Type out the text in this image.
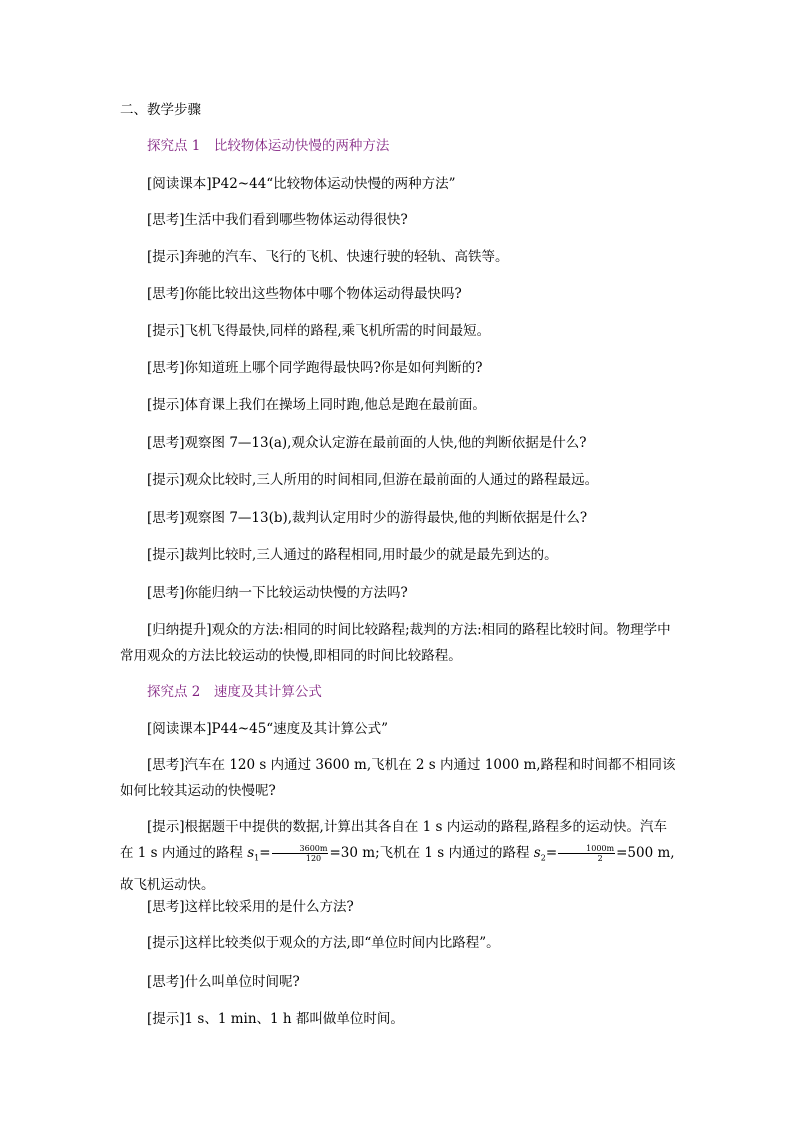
二、教学步骤
探究点 1　比较物体运动快慢的两种方法
[阅读课本]P42~44“比较物体运动快慢的两种方法”
[思考]生活中我们看到哪些物体运动得很快?
[提示]奔驰的汽车、飞行的飞机、快速行驶的轻轨、高铁等。
[思考]你能比较出这些物体中哪个物体运动得最快吗?
[提示]飞机飞得最快,同样的路程,乘飞机所需的时间最短。
[思考]你知道班上哪个同学跑得最快吗?你是如何判断的?
[提示]体育课上我们在操场上同时跑,他总是跑在最前面。
[思考]观察图 7—13(a),观众认定游在最前面的人快,他的判断依据是什么?
[提示]观众比较时,三人所用的时间相同,但游在最前面的人通过的路程最远。
[思考]观察图 7—13(b),裁判认定用时少的游得最快,他的判断依据是什么?
[提示]裁判比较时,三人通过的路程相同,用时最少的就是最先到达的。
[思考]你能归纳一下比较运动快慢的方法吗?
[归纳提升]观众的方法:相同的时间比较路程;裁判的方法:相同的路程比较时间。物理学中常用观众的方法比较运动的快慢,即相同的时间比较路程。
探究点 2　速度及其计算公式
[阅读课本]P44~45“速度及其计算公式”
[思考]汽车在 120 s 内通过 3600 m,飞机在 2 s 内通过 1000 m,路程和时间都不相同该如何比较其运动的快慢呢?
[提示]根据题干中提供的数据,计算出其各自在 1 s 内运动的路程,路程多的运动快。汽车在 1 s 内通过的路程 $s_1= \frac{3600m}{120} =30$ m;飞机在 1 s 内通过的路程 $s_2= \frac{1000m}{2} =500$ m,故飞机运动快。
[思考]这样比较采用的是什么方法?
[提示]这样比较类似于观众的方法,即“单位时间内比路程”。
[思考]什么叫单位时间呢?
[提示]1 s、1 min、1 h 都叫做单位时间。
